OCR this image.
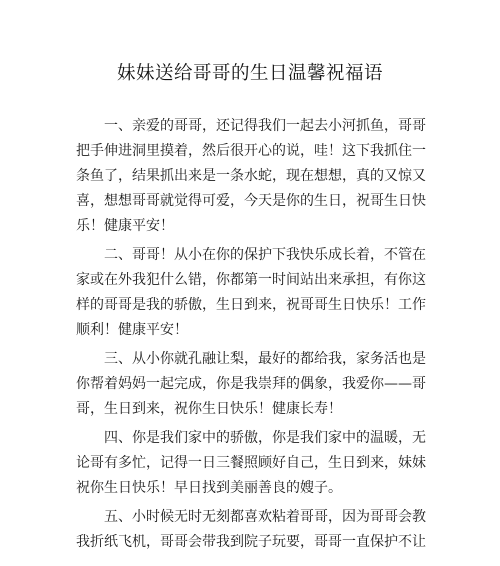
妹妹送给哥哥的生日温馨祝福语
一、亲爱的哥哥，还记得我们一起去小河抓鱼，哥哥
把手伸进洞里摸着，然后很开心的说，哇！这下我抓住一
条鱼了，结果抓出来是一条水蛇，现在想想，真的又惊又
喜，想想哥哥就觉得可爱，今天是你的生日，祝哥生日快
乐！健康平安！
二、哥哥！从小在你的保护下我快乐成长着，不管在
家或在外我犯什么错，你都第一时间站出来承担，有你这
样的哥哥是我的骄傲，生日到来，祝哥哥生日快乐！工作
顺利！健康平安！
三、从小你就孔融让梨，最好的都给我，家务活也是
你帮着妈妈一起完成，你是我崇拜的偶象，我爱你——哥
哥，生日到来，祝你生日快乐！健康长寿！
四、你是我们家中的骄傲，你是我们家中的温暖，无
论哥有多忙，记得一日三餐照顾好自己，生日到来，妹妹
祝你生日快乐！早日找到美丽善良的嫂子。
五、小时候无时无刻都喜欢粘着哥哥，因为哥哥会教
我折纸飞机，哥哥会带我到院子玩要，哥哥一直保护不让
